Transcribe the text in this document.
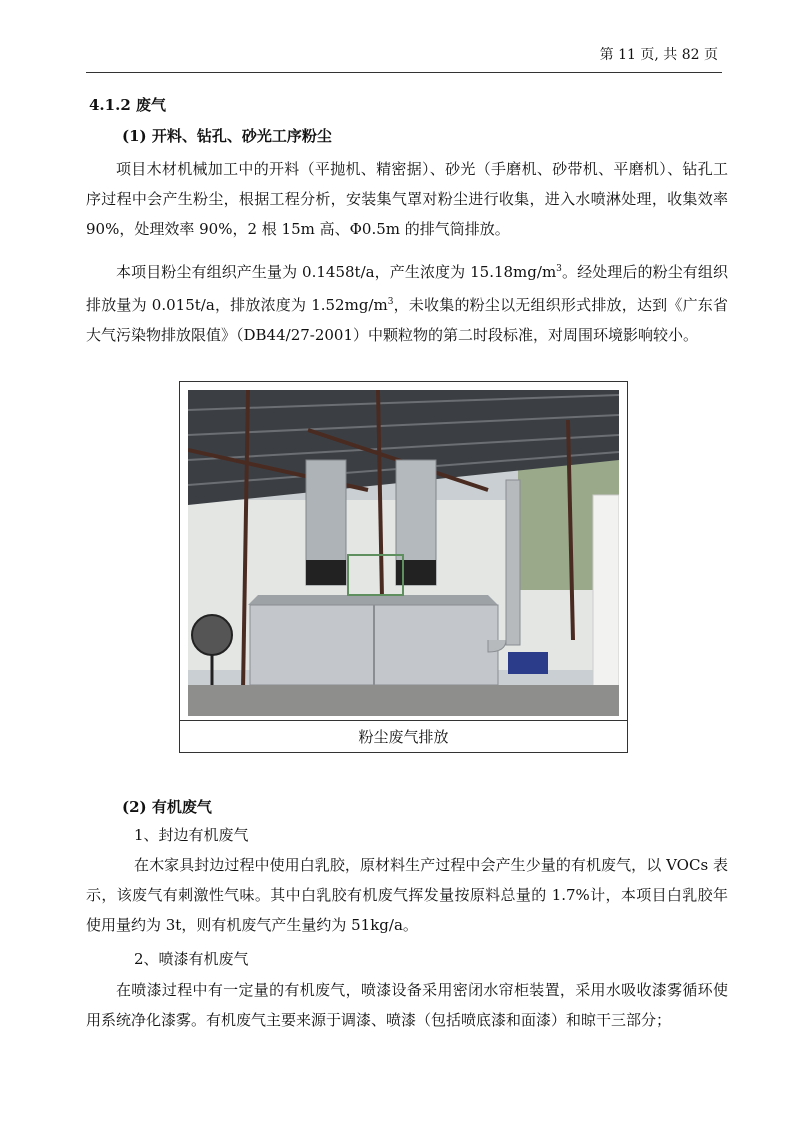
第 11 页, 共 82 页
4.1.2 废气
(1) 开料、钻孔、砂光工序粉尘

项目木材机械加工中的开料（平抛机、精密据）、砂光（手磨机、砂带机、平磨机）、钻孔工序过程中会产生粉尘，根据工程分析，安装集气罩对粉尘进行收集，进入水喷淋处理，收集效率 90%，处理效率 90%，2 根 15m 高、Φ0.5m 的排气筒排放。

本项目粉尘有组织产生量为 0.1458t/a，产生浓度为 $15.18mg/m^3$。经处理后的粉尘有组织排放量为 0.015t/a，排放浓度为 $1.52mg/m^3$，未收集的粉尘以无组织形式排放，达到《广东省大气污染物排放限值》（DB44/27-2001）中颗粒物的第二时段标准，对周围环境影响较小。

粉尘废气排放
(2) 有机废气
1、封边有机废气

在木家具封边过程中使用白乳胶，原材料生产过程中会产生少量的有机废气，以 VOCs 表示，该废气有刺激性气味。其中白乳胶有机废气挥发量按原料总量的 1.7%计，本项目白乳胶年使用量约为 3t，则有机废气产生量约为 51kg/a。

2、喷漆有机废气

在喷漆过程中有一定量的有机废气，喷漆设备采用密闭水帘柜装置，采用水吸收漆雾循环使用系统净化漆雾。有机废气主要来源于调漆、喷漆（包括喷底漆和面漆）和晾干三部分；
